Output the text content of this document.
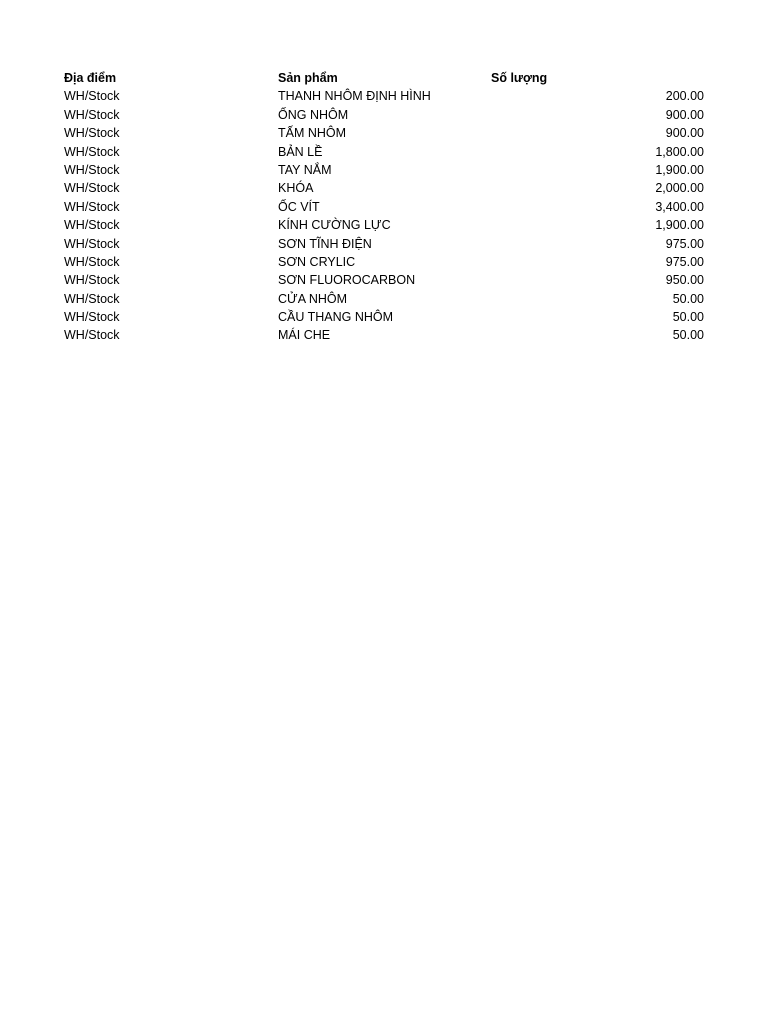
Địa điểm	Sản phẩm	Số lượng
WH/Stock	THANH NHÔM ĐỊNH HÌNH	200.00
WH/Stock	ỐNG NHÔM	900.00
WH/Stock	TẤM NHÔM	900.00
WH/Stock	BẢN LỀ	1,800.00
WH/Stock	TAY NẮM	1,900.00
WH/Stock	KHÓA	2,000.00
WH/Stock	ỐC VÍT	3,400.00
WH/Stock	KÍNH CƯỜNG LỰC	1,900.00
WH/Stock	SƠN TĨNH ĐIỆN	975.00
WH/Stock	SƠN CRYLIC	975.00
WH/Stock	SƠN FLUOROCARBON	950.00
WH/Stock	CỬA NHÔM	50.00
WH/Stock	CẦU THANG NHÔM	50.00
WH/Stock	MÁI CHE	50.00
